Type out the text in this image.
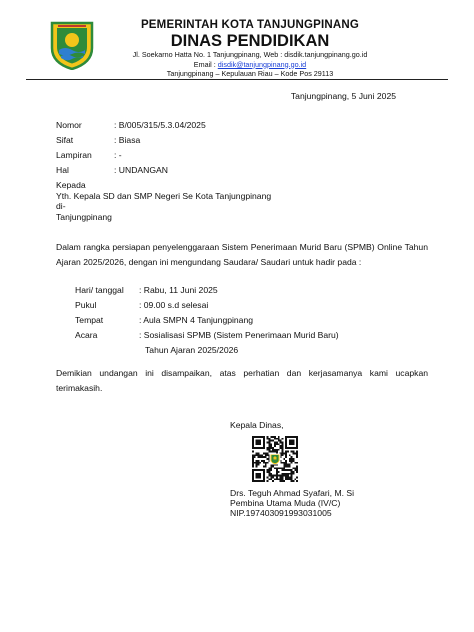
PEMERINTAH KOTA TANJUNGPINANG
DINAS PENDIDIKAN
Jl. Soekarno Hatta No. 1 Tanjungpinang, Web : disdik.tanjungpinang.go.id
Email : disdik@tanjungpinang.go.id
Tanjungpinang – Kepulauan Riau – Kode Pos 29113
Tanjungpinang, 5 Juni 2025
Nomor	: B/005/315/5.3.04/2025
Sifat	: Biasa
Lampiran	: -
Hal	: UNDANGAN
Kepada
Yth. Kepala SD dan SMP Negeri Se Kota Tanjungpinang
di-
Tanjungpinang
Dalam rangka persiapan penyelenggaraan Sistem Penerimaan Murid Baru (SPMB) Online Tahun Ajaran 2025/2026, dengan ini mengundang Saudara/ Saudari untuk hadir pada :
Hari/ tanggal	: Rabu, 11 Juni 2025
Pukul	: 09.00 s.d selesai
Tempat	: Aula SMPN 4 Tanjungpinang
Acara	: Sosialisasi SPMB (Sistem Penerimaan Murid Baru)
Tahun Ajaran 2025/2026
Demikian undangan ini disampaikan, atas perhatian dan kerjasamanya kami ucapkan terimakasih.
Kepala Dinas,
Drs. Teguh Ahmad Syafari, M. Si
Pembina Utama Muda (IV/C)
NIP.197403091993031005
